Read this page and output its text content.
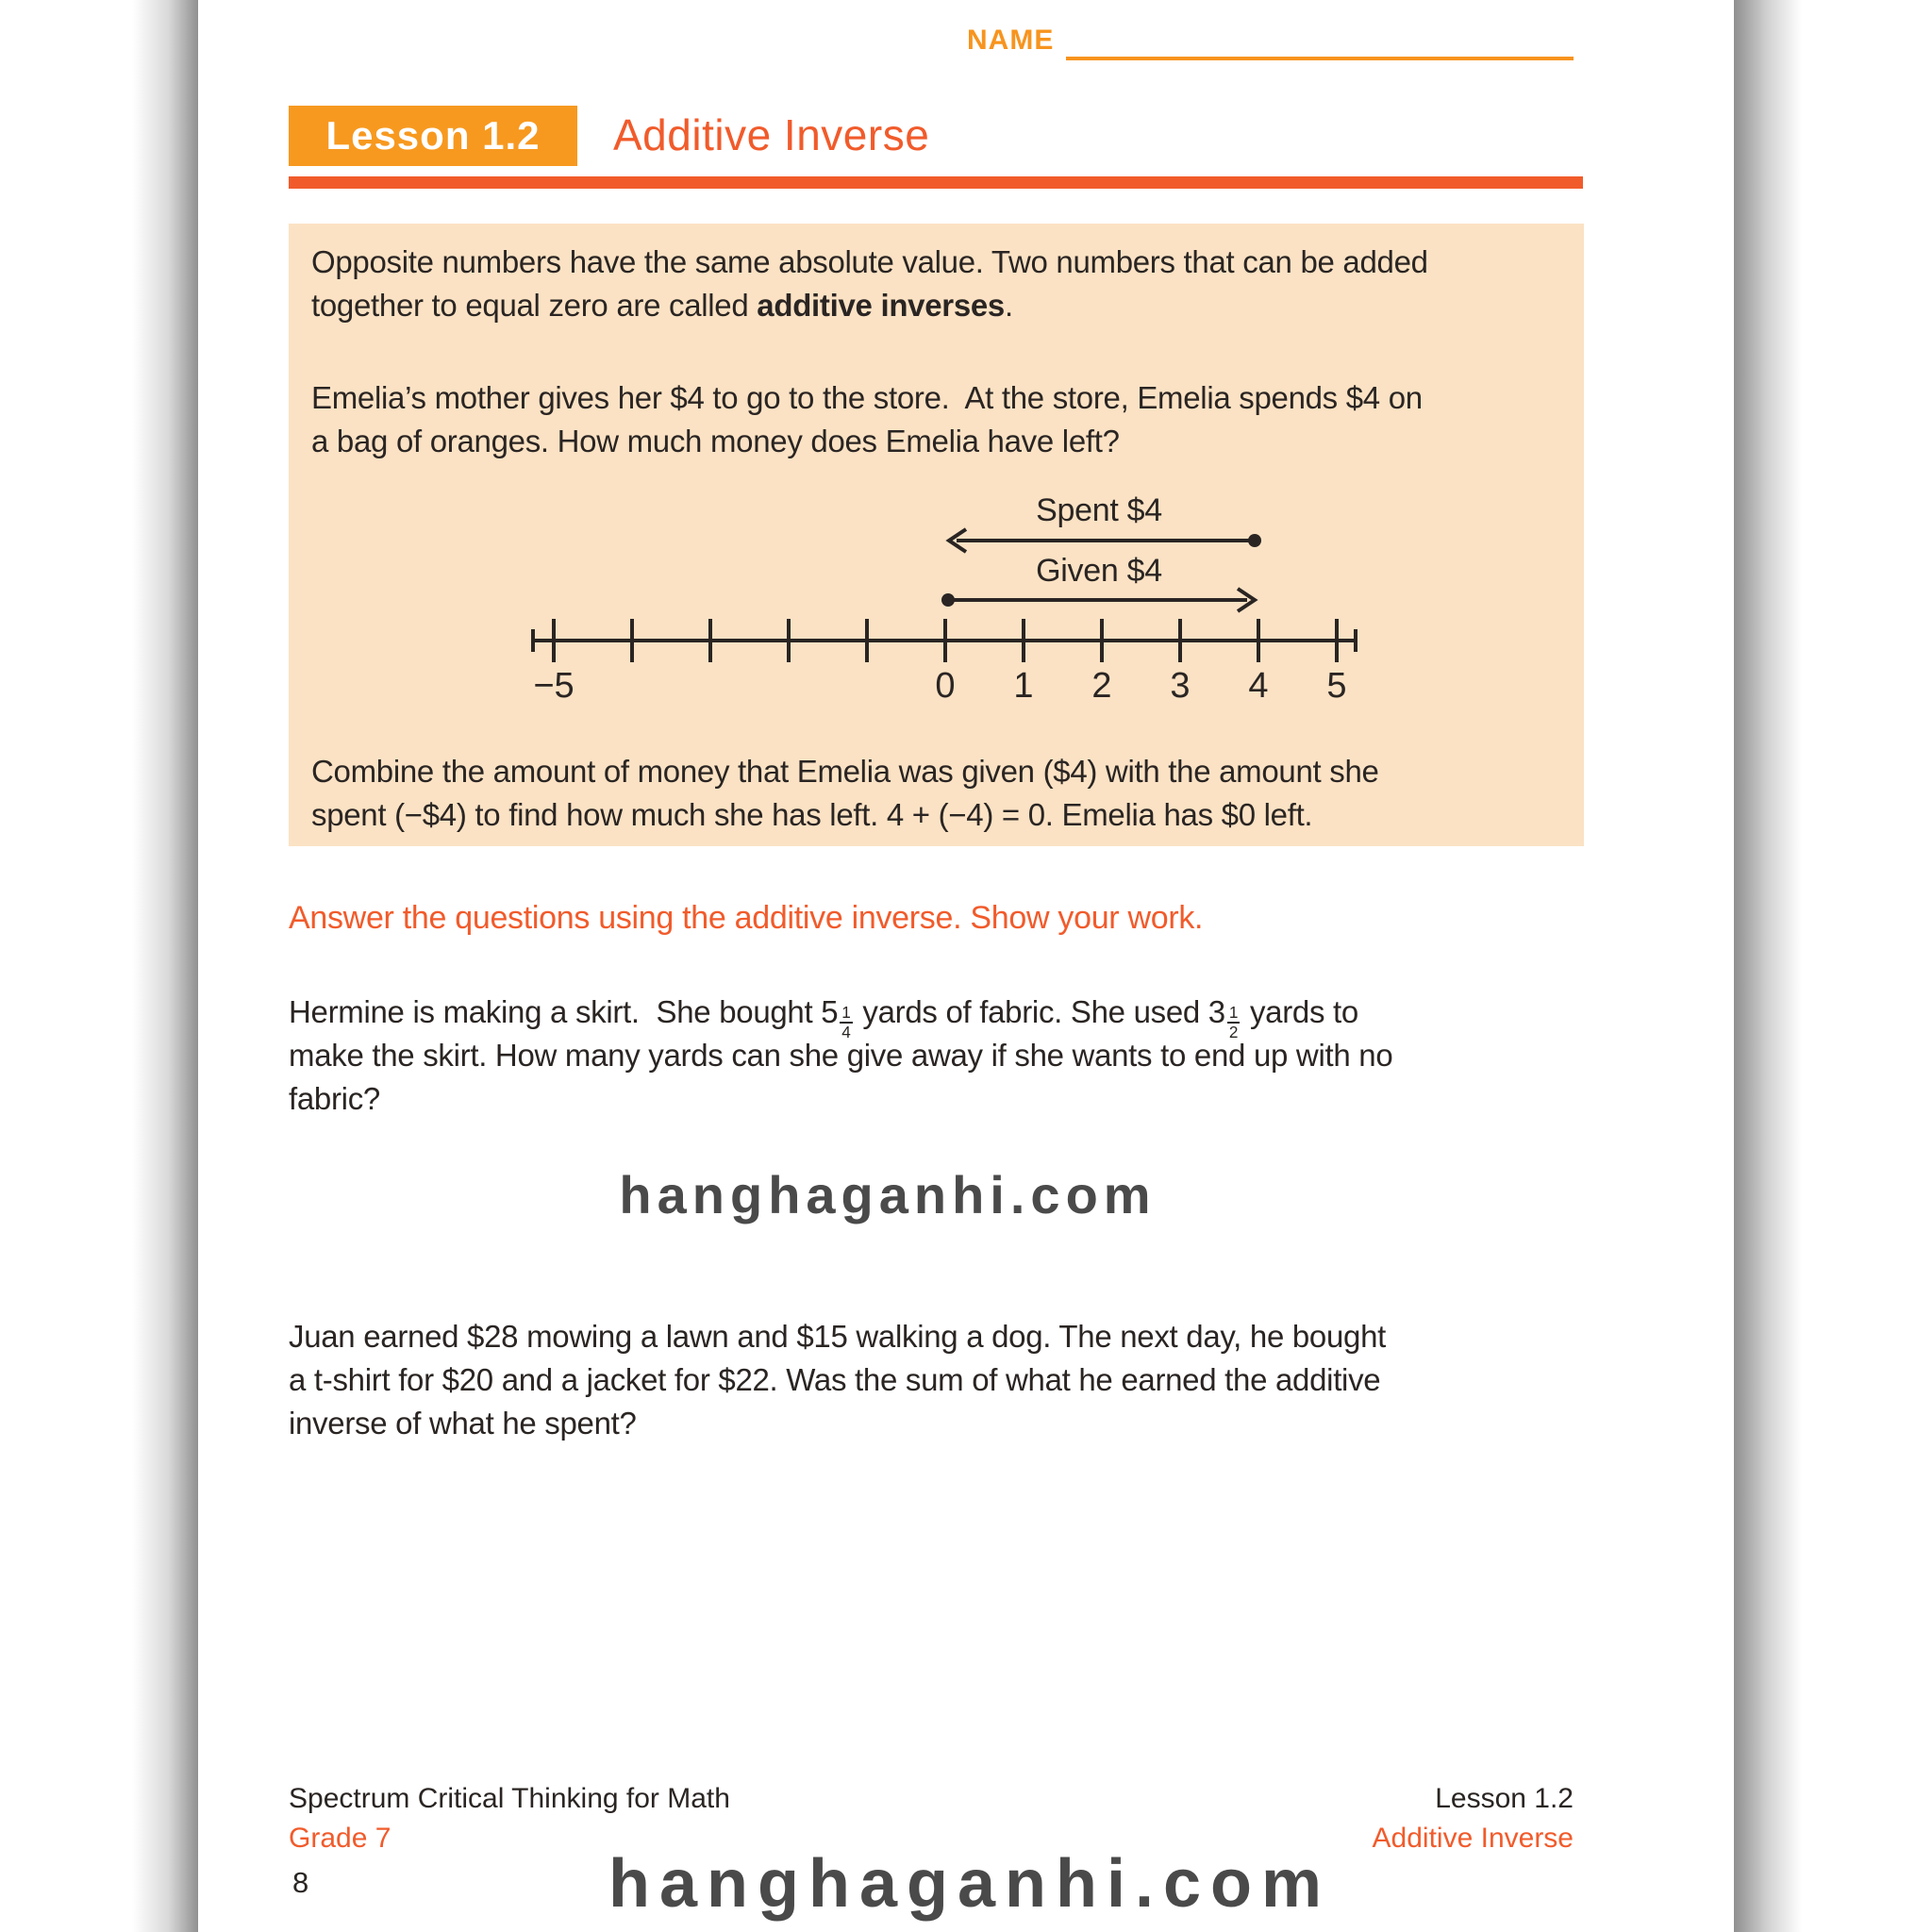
NAME
Lesson 1.2	Additive Inverse
Opposite numbers have the same absolute value. Two numbers that can be added
together to equal zero are called additive inverses.
Emelia’s mother gives her $4 to go to the store.  At the store, Emelia spends $4 on
a bag of oranges. How much money does Emelia have left?
Spent $4
Given $4
−5	0 1 2 3 4 5
Combine the amount of money that Emelia was given ($4) with the amount she
spent (−$4) to find how much she has left. 4 + (−4) = 0. Emelia has $0 left.
Answer the questions using the additive inverse. Show your work.
Hermine is making a skirt.  She bought $5 \frac{1}{4}$ yards of fabric. She used $3 \frac{1}{2}$ yards to
make the skirt. How many yards can she give away if she wants to end up with no
fabric?
hanghaganhi.com
Juan earned $28 mowing a lawn and $15 walking a dog. The next day, he bought
a t-shirt for $20 and a jacket for $22. Was the sum of what he earned the additive
inverse of what he spent?
Spectrum Critical Thinking for Math
Grade 7
Lesson 1.2
Additive Inverse
8	hanghaganhi.com
